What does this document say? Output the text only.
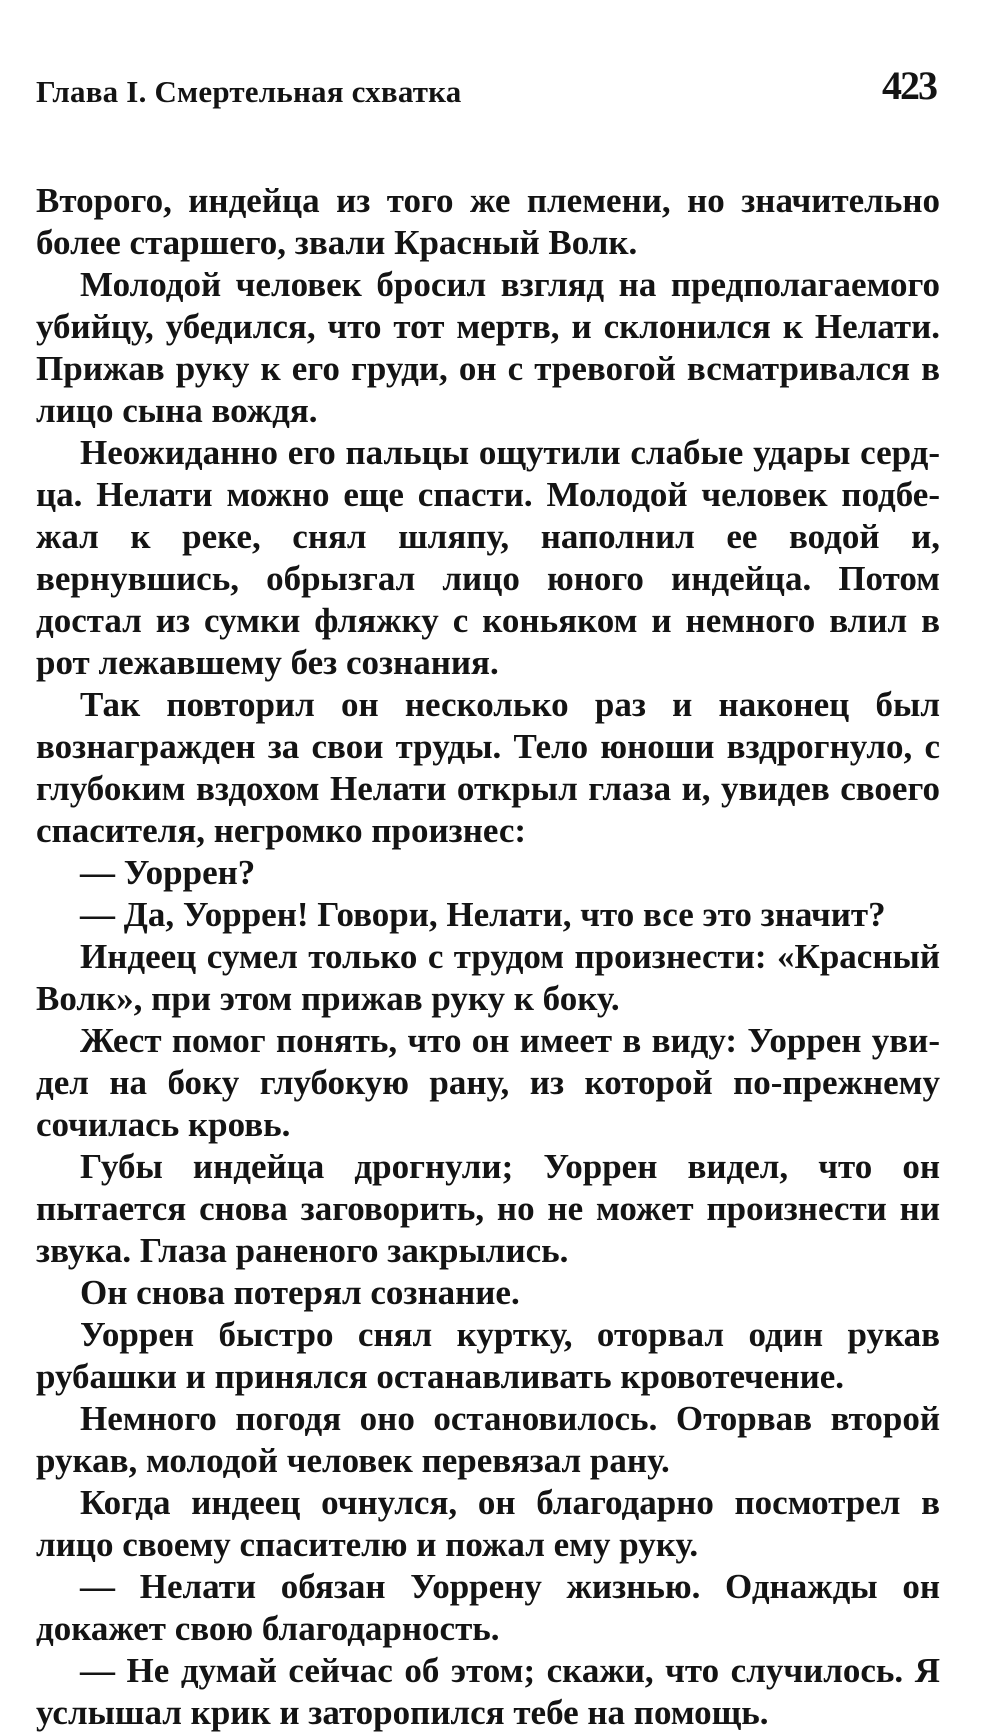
Глава I. Смертельная схватка	423

Второго, индейца из того же племени, но значительно более старшего, звали Красный Волк.

Молодой человек бросил взгляд на предполагаемого убийцу, убедился, что тот мертв, и склонился к Нелати. Прижав руку к его груди, он с тревогой всматривался в лицо сына вождя.

Неожиданно его пальцы ощутили слабые удары сердца. Нелати можно еще спасти. Молодой человек подбежал к реке, снял шляпу, наполнил ее водой и, вернувшись, обрызгал лицо юного индейца. Потом достал из сумки фляжку с коньяком и немного влил в рот лежавшему без сознания.

Так повторил он несколько раз и наконец был вознагражден за свои труды. Тело юноши вздрогнуло, с глубоким вздохом Нелати открыл глаза и, увидев своего спасителя, негромко произнес:

— Уоррен?

— Да, Уоррен! Говори, Нелати, что все это значит?

Индеец сумел только с трудом произнести: «Красный Волк», при этом прижав руку к боку.

Жест помог понять, что он имеет в виду: Уоррен увидел на боку глубокую рану, из которой по-прежнему сочилась кровь.

Губы индейца дрогнули; Уоррен видел, что он пытается снова заговорить, но не может произнести ни звука. Глаза раненого закрылись.

Он снова потерял сознание.

Уоррен быстро снял куртку, оторвал один рукав рубашки и принялся останавливать кровотечение.

Немного погодя оно остановилось. Оторвав второй рукав, молодой человек перевязал рану.

Когда индеец очнулся, он благодарно посмотрел в лицо своему спасителю и пожал ему руку.

— Нелати обязан Уоррену жизнью. Однажды он докажет свою благодарность.

— Не думай сейчас об этом; скажи, что случилось. Я услышал крик и заторопился тебе на помощь.
